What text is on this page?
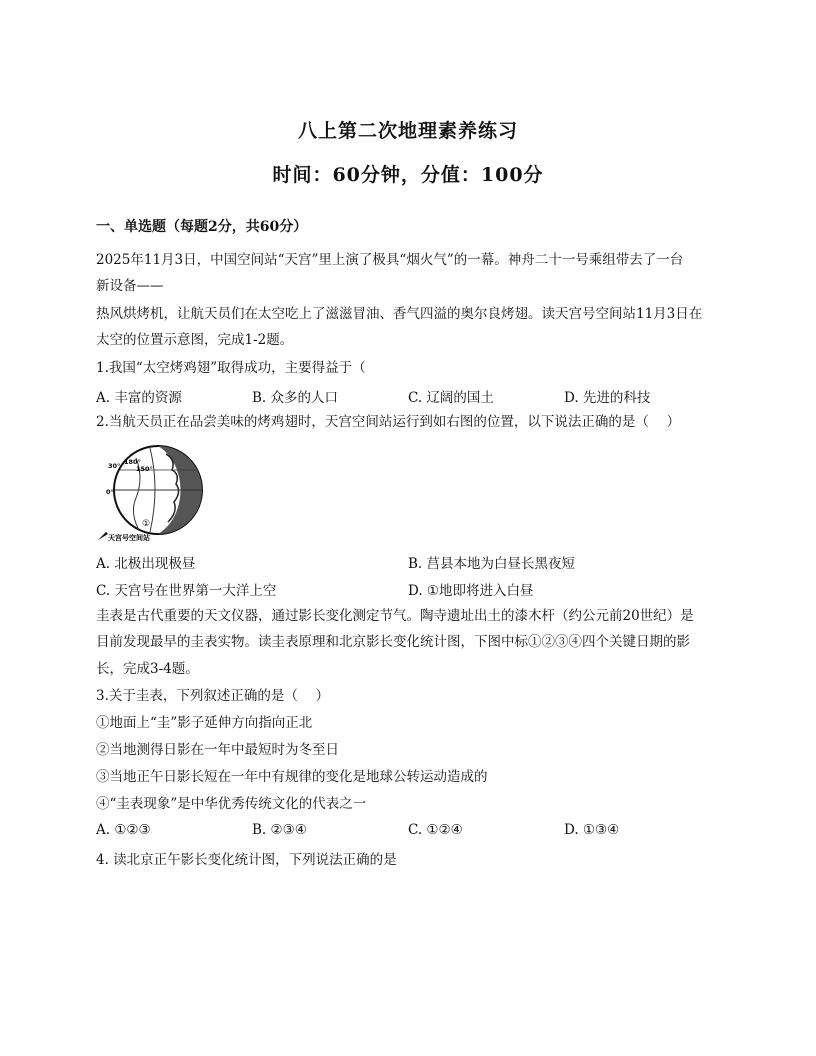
八上第二次地理素养练习
时间：60分钟，分值：100分
一、单选题（每题2分，共60分）
2025年11月3日，中国空间站“天宫”里上演了极具“烟火气”的一幕。神舟二十一号乘组带去了一台
新设备——
热风烘烤机，让航天员们在太空吃上了滋滋冒油、香气四溢的奥尔良烤翅。读天宫号空间站11月3日在
太空的位置示意图，完成1-2题。
1.我国“太空烤鸡翅”取得成功，主要得益于（
A. 丰富的资源	B. 众多的人口	C. 辽阔的国土	D. 先进的科技
2.当航天员正在品尝美味的烤鸡翅时，天宫空间站运行到如右图的位置，以下说法正确的是（　 ）
30° 180°
150°
0°
①
天宫号空间站
A. 北极出现极昼	B. 莒县本地为白昼长黑夜短
C. 天宫号在世界第一大洋上空	D. ①地即将进入白昼
圭表是古代重要的天文仪器，通过影长变化测定节气。陶寺遗址出土的漆木杆（约公元前20世纪）是
目前发现最早的圭表实物。读圭表原理和北京影长变化统计图，下图中标①②③④四个关键日期的影
长，完成3-4题。
3.关于圭表，下列叙述正确的是（　 ）
①地面上“圭”影子延伸方向指向正北
②当地测得日影在一年中最短时为冬至日
③当地正午日影长短在一年中有规律的变化是地球公转运动造成的
④“圭表现象”是中华优秀传统文化的代表之一
A. ①②③	B. ②③④	C. ①②④	D. ①③④
4. 读北京正午影长变化统计图，下列说法正确的是
